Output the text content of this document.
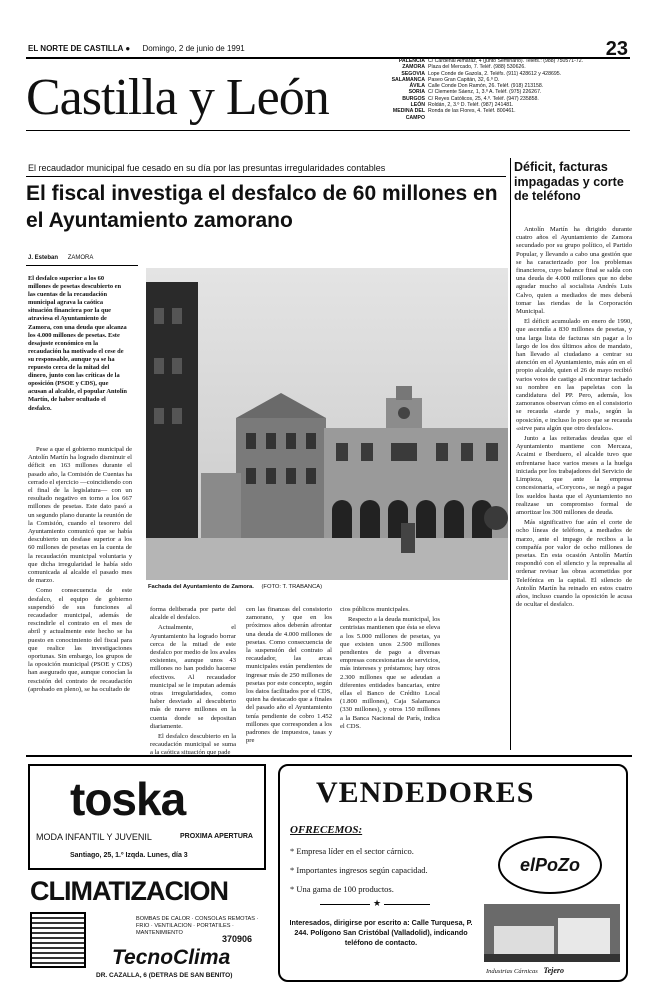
EL NORTE DE CASTILLA ● Domingo, 2 de junio de 1991	23
Castilla y León
PALENCIA C/ Cardenal Almaraz, 4 (junto Seminario). Teléfs.: (988) 750571-72.
ZAMORA Plaza del Mercado, 7. Teléf. (988) 530626.
SEGOVIA Lope Conde de Gazola, 2. Teléfs. (911) 428612 y 428695.
SALAMANCA Paseo Gran Capitán, 32, 6.º D.
ÁVILA Calle Conde Don Ramón, 26. Teléf. (918) 213158.
SORIA C/ Clemente Sáenz, 1, 3.º A. Teléf. (975) 226267.
BURGOS C/ Reyes Católicos, 25, 4.º. Teléf. (947) 235858.
LEÓN Roldán, 2, 3.º D. Teléf. (987) 241481.
MEDINA DEL CAMPO
Ronda de las Flores, 4. Teléf. 800461.
El recaudador municipal fue cesado en su día por las presuntas irregularidades contables
El fiscal investiga el desfalco de 60 millones en el Ayuntamiento zamorano
J. Esteban ZAMORA
El desfalco superior a los 60 millones de pesetas descubierto en las cuentas de la recaudación municipal agrava la caótica situación financiera por la que atraviesa el Ayuntamiento de Zamora, con una deuda que alcanza los 4.000 millones de pesetas. Este desajuste económico en la recaudación ha motivado el cese de su responsable, aunque ya se ha repuesto cerca de la mitad del dinero, junto con las críticas de la oposición (PSOE y CDS), que acusan al alcalde, el popular Antolín Martín, de haber ocultado el desfalco.

Pese a que el gobierno municipal de Antolín Martín ha logrado disminuir el déficit en 163 millones durante el pasado año, la Comisión de Cuentas ha cerrado el ejercicio —coincidiendo con el final de la legislatura— con un resultado negativo en torno a los 667 millones de pesetas. Este dato pasó a un segundo plano durante la reunión de la Comisión, cuando el tesorero del Ayuntamiento comunicó que se había descubierto un desfase superior a los 60 millones de pesetas en la cuenta de la recaudación municipal voluntaria y que dicha irregularidad le había sido comunicada al alcalde el pasado mes de marzo.

Como consecuencia de este desfalco, el equipo de gobierno suspendió de sus funciones al recaudador municipal, además de rescindirle el contrato en el mes de abril y actualmente este hecho se ha puesto en conocimiento del fiscal para que realice las investigaciones oportunas. Sin embargo, los grupos de la oposición municipal (PSOE y CDS) han asegurado que, aunque conocían la rescisión del contrato de recaudación (aprobado en pleno), se ha ocultado de

Fachada del Ayuntamiento de Zamora. (FOTO: T. TRABANCA)

forma deliberada por parte del alcalde el desfalco.

Actualmente, el Ayuntamiento ha logrado borrar cerca de la mitad de este desfalco por medio de los avales existentes, aunque unos 43 millones no han podido hacerse efectivos. Al recaudador municipal se le imputan además otras irregularidades, como haber desviado al descubierto más de nueve millones en la cuenta donde se depositan diariamente.

El desfalco descubierto en la recaudación municipal se suma a la caótica situación que pade

cen las finanzas del consistorio zamorano, y que en los próximos años deberán afrontar una deuda de 4.000 millones de pesetas. Como consecuencia de la suspensión del contrato al recaudador, las arcas municipales están pendientes de ingresar más de 250 millones de pesetas por este concepto, según los datos facilitados por el CDS, quien ha destacado que a finales del pasado año el Ayuntamiento tenía pendiente de cobro 1.452 millones que corresponden a los padrones de impuestos, tasas y pre

cios públicos municipales.

Respecto a la deuda municipal, los centristas mantienen que ésta se eleva a los 5.000 millones de pesetas, ya que existen unos 2.500 millones pendientes de pago a diversas empresas concesionarias de servicios, más intereses y préstamos; hay otros 2.300 millones que se adeudan a diferentes entidades bancarias, entre ellas el Banco de Crédito Local (1.800 millones), Caja Salamanca (330 millones), y otros 150 millones a la Banca Nacional de París, indica el CDS.

Déficit, facturas impagadas y corte de teléfono

Antolín Martín ha dirigido durante cuatro años el Ayuntamiento de Zamora secundado por su grupo político, el Partido Popular, y llevando a cabo una gestión que se ha caracterizado por los problemas financieros, cuyo balance final se salda con una deuda de 4.000 millones que no debe agradar mucho al socialista Andrés Luis Calvo, quien a mediados de mes deberá tomar las riendas de la Corporación Municipal.

El déficit acumulado en enero de 1990, que ascendía a 830 millones de pesetas, y una larga lista de facturas sin pagar a lo largo de los dos últimos años de mandato, han llevado al ciudadano a centrar su atención en el Ayuntamiento, más aún en el propio alcalde, quien el 26 de mayo recibió varios votos de castigo al encontrar tachado su nombre en las papeletas con la candidatura del PP. Pero, además, los zamoranos observan cómo en el consistorio se recauda «tarde y mal», según la oposición, e incluso lo poco que se recauda «sirve para algún que otro desfalco».

Junto a las reiteradas deudas que el Ayuntamiento mantiene con Mercaza, Acaimi e Iberduero, el alcalde tuvo que enfrentarse hace varios meses a la huelga iniciada por los trabajadores del Servicio de Limpieza, que ante la empresa concesionaria, «Corycon», se negó a pagar los sueldos hasta que el Ayuntamiento no realizase un compromiso formal de amortizar los 300 millones de deuda.

Más significativo fue aún el corte de ocho líneas de teléfono, a mediados de marzo, ante el impago de recibos a la compañía por valor de ocho millones de pesetas. En esta ocasión Antolín Martín respondió con el silencio y la represalia al ordenar revisar las obras acometidas por Telefónica en la capital. El silencio de Antolín Martín ha reinado en estos cuatro años, incluso cuando la oposición le acusa de ocultar el desfalco.

toska
MODA INFANTIL Y JUVENIL	PROXIMA APERTURA
Santiago, 25, 1.º Izqda. Lunes, día 3
CLIMATIZACION
BOMBAS DE CALOR · CONSOLAS REMOTAS · FRIO · VENTILACION · PORTATILES · MANTENIMIENTO
370906
TecnoClima
DR. CAZALLA, 6 (DETRAS DE SAN BENITO)
VENDEDORES
OFRECEMOS:
* Empresa líder en el sector cárnico.
* Importantes ingresos según capacidad.
* Una gama de 100 productos.
★
Interesados, dirigirse por escrito a: Calle Turquesa, P. 244. Polígono San Cristóbal (Valladolid), indicando teléfono de contacto.
elPoZo
Industrias Cárnicas Tejero
